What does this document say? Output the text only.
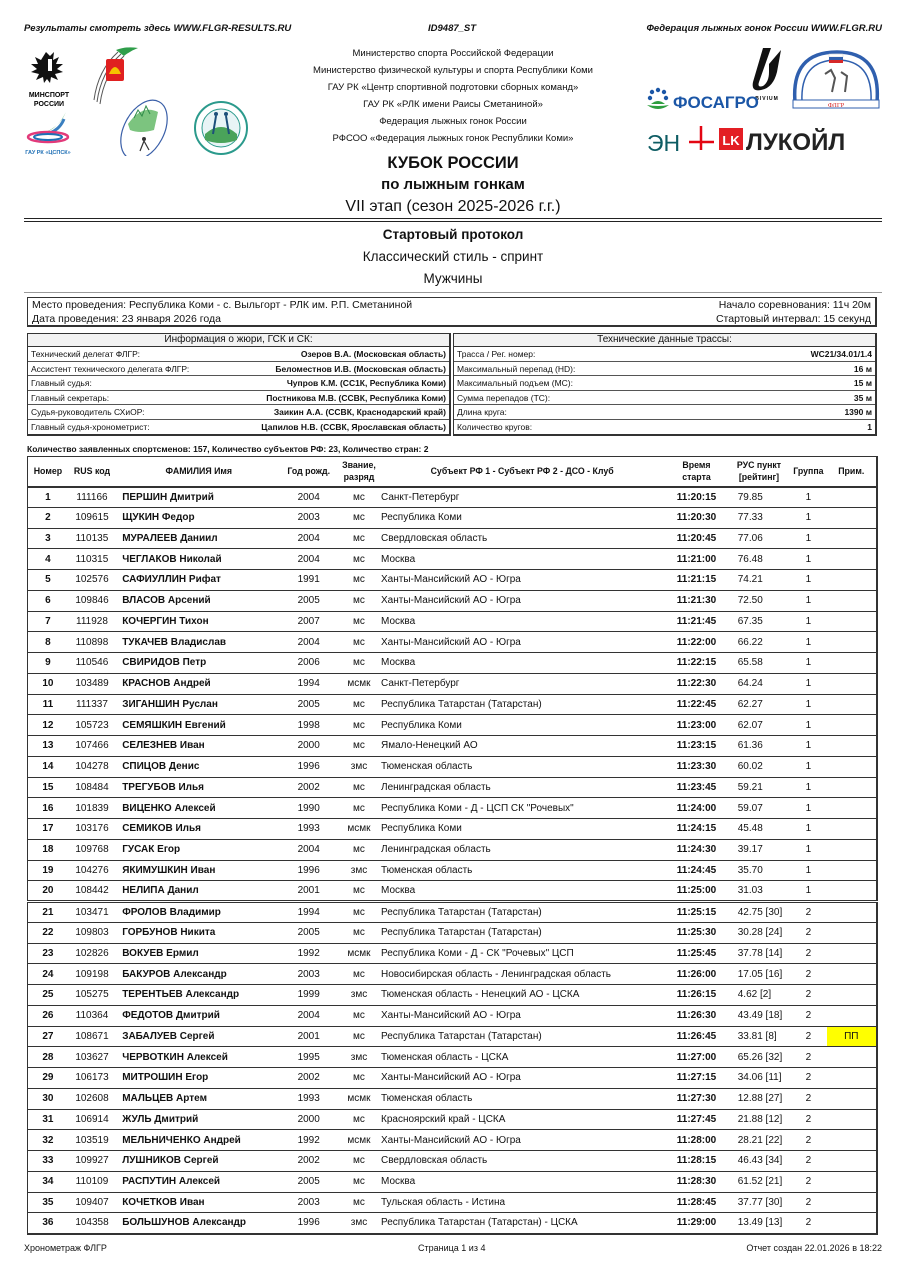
Результаты смотреть здесь WWW.FLGR-RESULTS.RU	ID9487_ST	Федерация лыжных гонок России WWW.FLGR.RU
МИНСПОРТ
РОССИИ
ГАУ РК «ЦСПСК»
Министерство спорта Российской Федерации
Министерство физической культуры и спорта Республики Коми
ГАУ РК «Центр спортивной подготовки сборных команд»
ГАУ РК «РЛК имени Раисы Сметаниной»
Федерация лыжных гонок России
РФСОО «Федерация лыжных гонок Республики Коми»
BIVIUM
ФОСАГРО	ФЛГР
ЭН	LK ЛУКОЙЛ
КУБОК РОССИИ
по лыжным гонкам
VII этап (сезон 2025-2026 г.г.)
Стартовый протокол
Классический стиль - спринт
Мужчины
Место проведения: Республика Коми - с. Выльгорт - РЛК им. Р.П. Сметаниной	Начало соревнования: 11ч 20м
Дата проведения: 23 января 2026 года	Стартовый интервал: 15 секунд
Информация о жюри, ГСК и СК:
Технический делегат ФЛГР:	Озеров В.А. (Московская область)
Ассистент технического делегата ФЛГР:	Беломестнов И.В. (Московская область)
Главный судья:	Чупров К.М. (СС1К, Республика Коми)
Главный секретарь:	Постникова М.В. (ССВК, Республика Коми)
Судья-руководитель СХиОР:	Заикин А.А. (ССВК, Краснодарский край)
Главный судья-хронометрист:	Цапилов Н.В. (ССВК, Ярославская область)
Технические данные трассы:
Трасса / Рег. номер:	WC21/34.01/1.4
Максимальный перепад (HD):	16 м
Максимальный подъем (MC):	15 м
Сумма перепадов (TC):	35 м
Длина круга:	1390 м
Количество кругов:	1
Количество заявленных спортсменов: 157, Количество субъектов РФ: 23, Количество стран: 2
Номер	RUS код	ФАМИЛИЯ Имя	Год рожд.	Звание,
разряд	Субъект РФ 1 - Субъект РФ 2 - ДСО - Клуб	Время
старта	РУС пункт
[рейтинг]	Группа	Прим.
1	111166	ПЕРШИН Дмитрий	2004	мс	Санкт-Петербург	11:20:15	79.85	1	
2	109615	ЩУКИН Федор	2003	мс	Республика Коми	11:20:30	77.33	1	
3	110135	МУРАЛЕЕВ Даниил	2004	мс	Свердловская область	11:20:45	77.06	1	
4	110315	ЧЕГЛАКОВ Николай	2004	мс	Москва	11:21:00	76.48	1	
5	102576	САФИУЛЛИН Рифат	1991	мс	Ханты-Мансийский АО - Югра	11:21:15	74.21	1	
6	109846	ВЛАСОВ Арсений	2005	мс	Ханты-Мансийский АО - Югра	11:21:30	72.50	1	
7	111928	КОЧЕРГИН Тихон	2007	мс	Москва	11:21:45	67.35	1	
8	110898	ТУКАЧЕВ Владислав	2004	мс	Ханты-Мансийский АО - Югра	11:22:00	66.22	1	
9	110546	СВИРИДОВ Петр	2006	мс	Москва	11:22:15	65.58	1	
10	103489	КРАСНОВ Андрей	1994	мсмк	Санкт-Петербург	11:22:30	64.24	1	
11	111337	ЗИГАНШИН Руслан	2005	мс	Республика Татарстан (Татарстан)	11:22:45	62.27	1	
12	105723	СЕМЯШКИН Евгений	1998	мс	Республика Коми	11:23:00	62.07	1	
13	107466	СЕЛЕЗНЕВ Иван	2000	мс	Ямало-Ненецкий АО	11:23:15	61.36	1	
14	104278	СПИЦОВ Денис	1996	змс	Тюменская область	11:23:30	60.02	1	
15	108484	ТРЕГУБОВ Илья	2002	мс	Ленинградская область	11:23:45	59.21	1	
16	101839	ВИЦЕНКО Алексей	1990	мс	Республика Коми - Д - ЦСП СК "Рочевых"	11:24:00	59.07	1	
17	103176	СЕМИКОВ Илья	1993	мсмк	Республика Коми	11:24:15	45.48	1	
18	109768	ГУСАК Егор	2004	мс	Ленинградская область	11:24:30	39.17	1	
19	104276	ЯКИМУШКИН Иван	1996	змс	Тюменская область	11:24:45	35.70	1	
20	108442	НЕЛИПА Данил	2001	мс	Москва	11:25:00	31.03	1	
21	103471	ФРОЛОВ Владимир	1994	мс	Республика Татарстан (Татарстан)	11:25:15	42.75 [30]	2	
22	109803	ГОРБУНОВ Никита	2005	мс	Республика Татарстан (Татарстан)	11:25:30	30.28 [24]	2	
23	102826	ВОКУЕВ Ермил	1992	мсмк	Республика Коми - Д - СК "Рочевых" ЦСП	11:25:45	37.78 [14]	2	
24	109198	БАКУРОВ Александр	2003	мс	Новосибирская область - Ленинградская область	11:26:00	17.05 [16]	2	
25	105275	ТЕРЕНТЬЕВ Александр	1999	змс	Тюменская область - Ненецкий АО - ЦСКА	11:26:15	4.62 [2]	2	
26	110364	ФЕДОТОВ Дмитрий	2004	мс	Ханты-Мансийский АО - Югра	11:26:30	43.49 [18]	2	
27	108671	ЗАБАЛУЕВ Сергей	2001	мс	Республика Татарстан (Татарстан)	11:26:45	33.81 [8]	2	ПП
28	103627	ЧЕРВОТКИН Алексей	1995	змс	Тюменская область - ЦСКА	11:27:00	65.26 [32]	2	
29	106173	МИТРОШИН Егор	2002	мс	Ханты-Мансийский АО - Югра	11:27:15	34.06 [11]	2	
30	102608	МАЛЬЦЕВ Артем	1993	мсмк	Тюменская область	11:27:30	12.88 [27]	2	
31	106914	ЖУЛЬ Дмитрий	2000	мс	Красноярский край - ЦСКА	11:27:45	21.88 [12]	2	
32	103519	МЕЛЬНИЧЕНКО Андрей	1992	мсмк	Ханты-Мансийский АО - Югра	11:28:00	28.21 [22]	2	
33	109927	ЛУШНИКОВ Сергей	2002	мс	Свердловская область	11:28:15	46.43 [34]	2	
34	110109	РАСПУТИН Алексей	2005	мс	Москва	11:28:30	61.52 [21]	2	
35	109407	КОЧЕТКОВ Иван	2003	мс	Тульская область - Истина	11:28:45	37.77 [30]	2	
36	104358	БОЛЬШУНОВ Александр	1996	змс	Республика Татарстан (Татарстан) - ЦСКА	11:29:00	13.49 [13]	2	
Хронометраж ФЛГР	Страница 1 из 4	Отчет создан 22.01.2026 в 18:22
